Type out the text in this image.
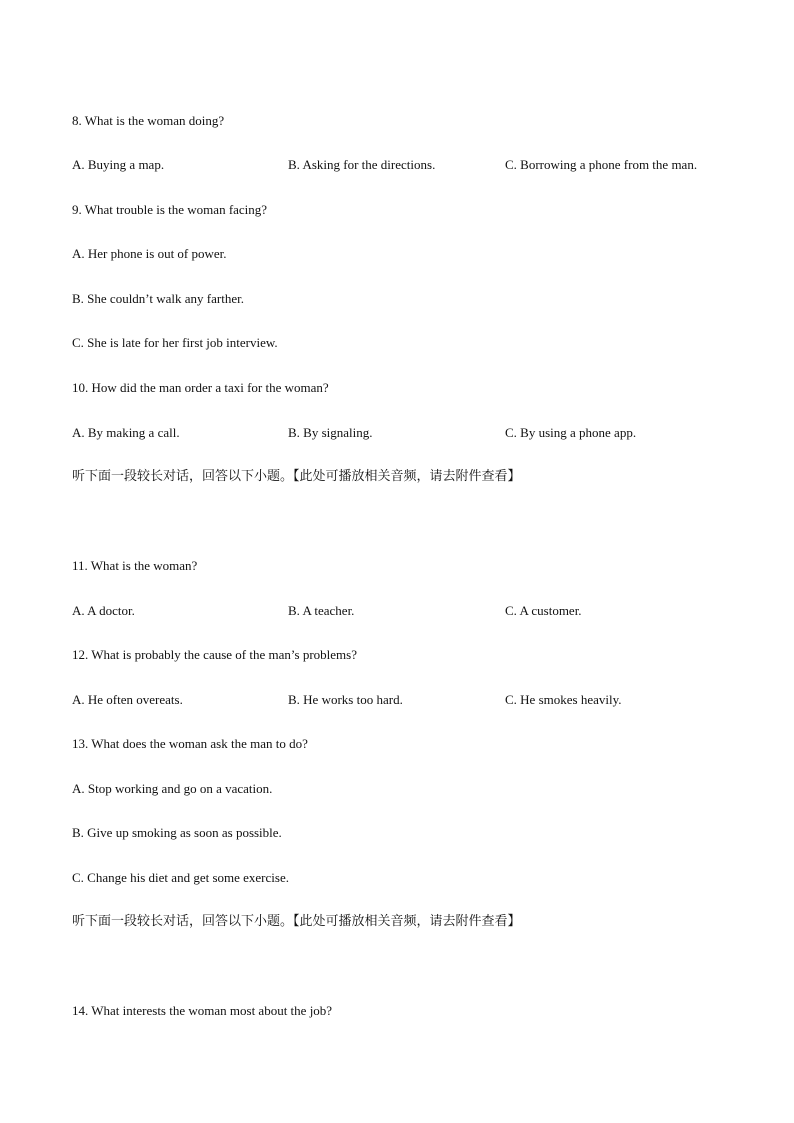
8. What is the woman doing?
A. Buying a map.	B. Asking for the directions.	C. Borrowing a phone from the man.
9. What trouble is the woman facing?
A. Her phone is out of power.
B. She couldn’t walk any farther.
C. She is late for her first job interview.
10. How did the man order a taxi for the woman?
A. By making a call.	B. By signaling.	C. By using a phone app.
听下面一段较长对话，回答以下小题。【此处可播放相关音频，请去附件查看】
11. What is the woman?
A. A doctor.	B. A teacher.	C. A customer.
12. What is probably the cause of the man’s problems?
A. He often overeats.	B. He works too hard.	C. He smokes heavily.
13. What does the woman ask the man to do?
A. Stop working and go on a vacation.
B. Give up smoking as soon as possible.
C. Change his diet and get some exercise.
听下面一段较长对话，回答以下小题。【此处可播放相关音频，请去附件查看】
14. What interests the woman most about the job?
